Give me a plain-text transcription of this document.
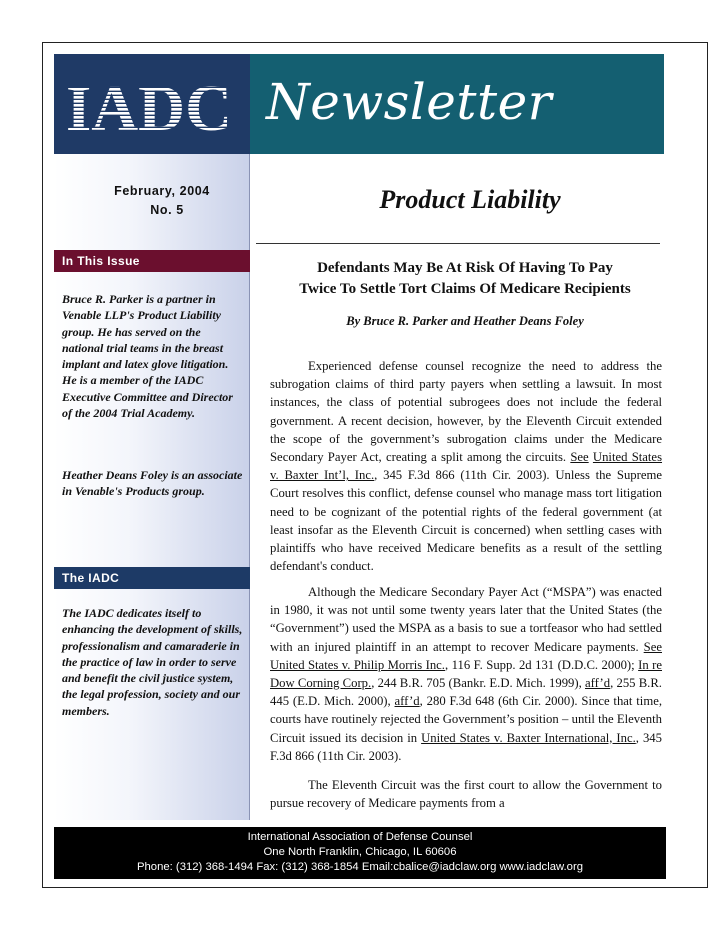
IADC Newsletter
February, 2004
No. 5
In This Issue
Bruce R. Parker is a partner in Venable LLP's Product Liability group. He has served on the national trial teams in the breast implant and latex glove litigation. He is a member of the IADC Executive Committee and Director of the 2004 Trial Academy.
Heather Deans Foley is an associate in Venable's Products group.
The IADC
The IADC dedicates itself to enhancing the development of skills, professionalism and camaraderie in the practice of law in order to serve and benefit the civil justice system, the legal profession, society and our members.
Product Liability
Defendants May Be At Risk Of Having To Pay
Twice To Settle Tort Claims Of Medicare Recipients
By Bruce R. Parker and Heather Deans Foley
Experienced defense counsel recognize the need to address the subrogation claims of third party payers when settling a lawsuit. In most instances, the class of potential subrogees does not include the federal government. A recent decision, however, by the Eleventh Circuit extended the scope of the government’s subrogation claims under the Medicare Secondary Payer Act, creating a split among the circuits. See United States v. Baxter Int’l, Inc., 345 F.3d 866 (11th Cir. 2003). Unless the Supreme Court resolves this conflict, defense counsel who manage mass tort litigation need to be cognizant of the potential rights of the federal government (at least insofar as the Eleventh Circuit is concerned) when settling cases with plaintiffs who have received Medicare benefits as a result of the settling defendant's conduct.
Although the Medicare Secondary Payer Act (“MSPA”) was enacted in 1980, it was not until some twenty years later that the United States (the “Government”) used the MSPA as a basis to sue a tortfeasor who had settled with an injured plaintiff in an attempt to recover Medicare payments. See United States v. Philip Morris Inc., 116 F. Supp. 2d 131 (D.D.C. 2000); In re Dow Corning Corp., 244 B.R. 705 (Bankr. E.D. Mich. 1999), aff’d, 255 B.R. 445 (E.D. Mich. 2000), aff’d, 280 F.3d 648 (6th Cir. 2000). Since that time, courts have routinely rejected the Government’s position – until the Eleventh Circuit issued its decision in United States v. Baxter International, Inc., 345 F.3d 866 (11th Cir. 2003).
The Eleventh Circuit was the first court to allow the Government to pursue recovery of Medicare payments from a
International Association of Defense Counsel
One North Franklin, Chicago, IL 60606
Phone: (312) 368-1494 Fax: (312) 368-1854 Email:cbalice@iadclaw.org www.iadclaw.org
